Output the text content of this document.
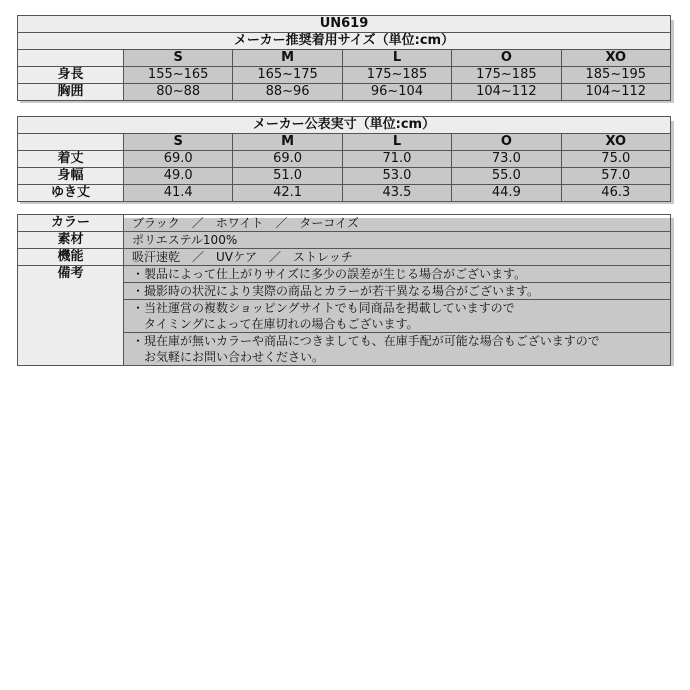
UN619					
メーカー推奨着用サイズ（単位:cm）					
	S	M	L	O	XO
身長	155~165	165~175	175~185	175~185	185~195
胸囲	80~88	88~96	96~104	104~112	104~112
メーカー公表実寸（単位:cm）					
	S	M	L	O	XO
着丈	69.0	69.0	71.0	73.0	75.0
身幅	49.0	51.0	53.0	55.0	57.0
ゆき丈	41.4	42.1	43.5	44.9	46.3
カラー	ブラック　／　ホワイト　／　ターコイズ
素材	ポリエステル100%
機能	吸汗速乾　／　UVケア　／　ストレッチ
備考	・製品によって仕上がりサイズに多少の誤差が生じる場合がございます。
	・撮影時の状況により実際の商品とカラーが若干異なる場合がございます。
	・当社運営の複数ショッピングサイトでも同商品を掲載していますので
	　タイミングによって在庫切れの場合もございます。
	・現在庫が無いカラーや商品につきましても、在庫手配が可能な場合もございますので
	　お気軽にお問い合わせください。
